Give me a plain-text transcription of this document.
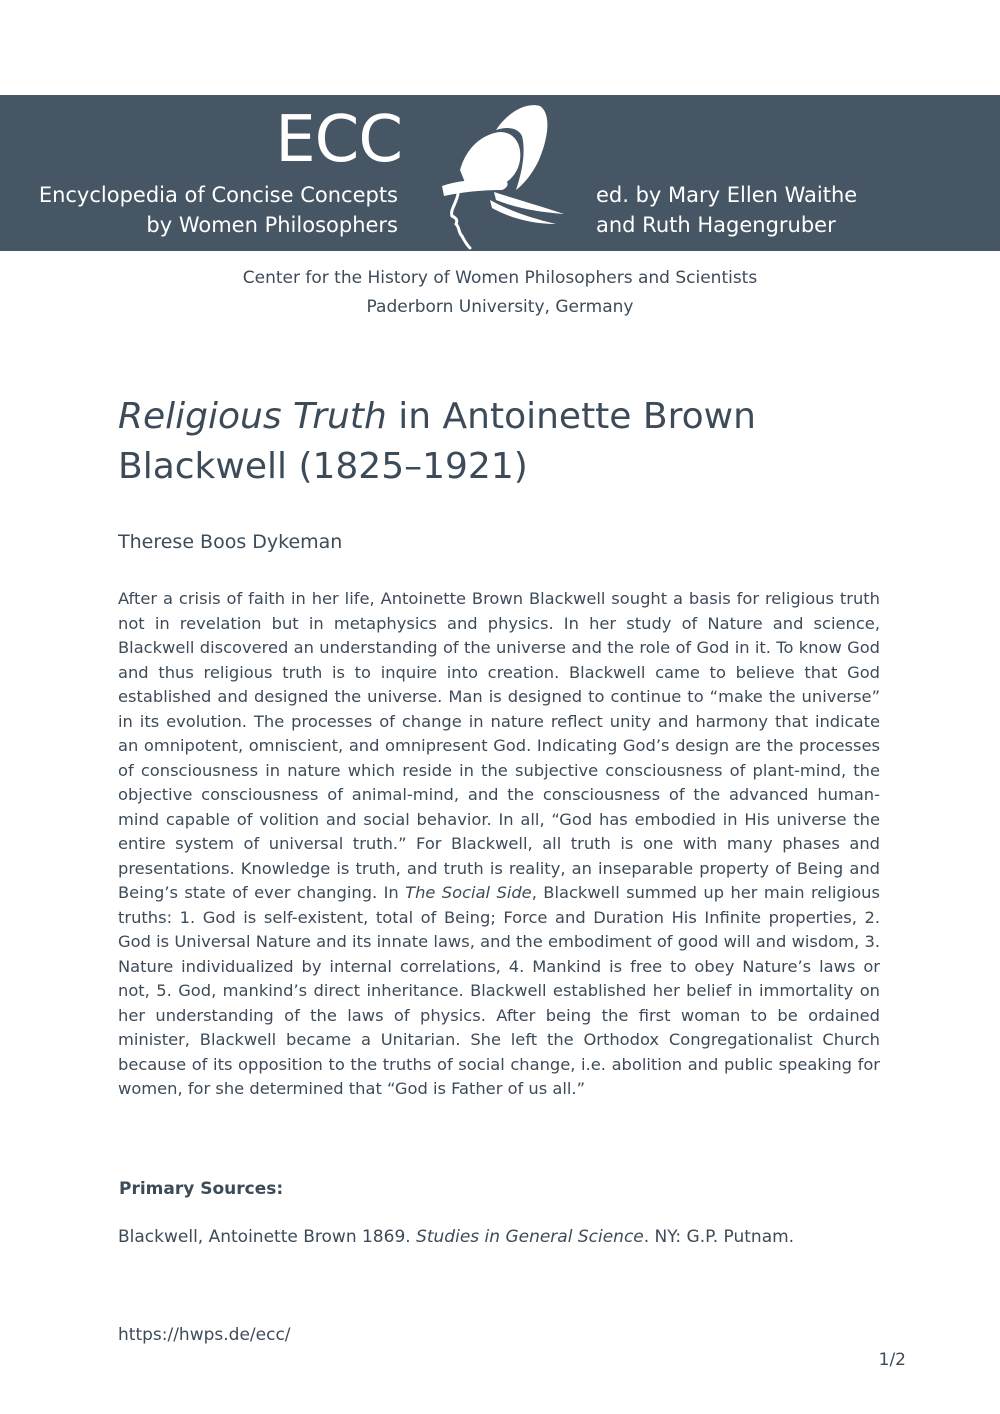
ECC
Encyclopedia of Concise Concepts
by Women Philosophers
ed. by Mary Ellen Waithe
and Ruth Hagengruber
Center for the History of Women Philosophers and Scientists
Paderborn University, Germany
Religious Truth in Antoinette Brown Blackwell (1825–1921)
Therese Boos Dykeman

After a crisis of faith in her life, Antoinette Brown Blackwell sought a basis for religious truth not in revelation but in metaphysics and physics. In her study of Nature and science, Blackwell discovered an understanding of the universe and the role of God in it. To know God and thus religious truth is to inquire into creation. Blackwell came to believe that God established and designed the universe. Man is designed to continue to “make the universe” in its evolution. The processes of change in nature reflect unity and harmony that indicate an omnipotent, omniscient, and omnipresent God. Indicating God’s design are the processes of consciousness in nature which reside in the subjective consciousness of plant-mind, the objective consciousness of animal-mind, and the consciousness of the advanced human-mind capable of volition and social behavior. In all, “God has embodied in His universe the entire system of universal truth.” For Blackwell, all truth is one with many phases and presentations. Knowledge is truth, and truth is reality, an inseparable property of Being and Being’s state of ever changing. In The Social Side, Blackwell summed up her main religious truths: 1. God is self-existent, total of Being; Force and Duration His Infinite properties, 2. God is Universal Nature and its innate laws, and the embodiment of good will and wisdom, 3. Nature individualized by internal correlations, 4. Mankind is free to obey Nature’s laws or not, 5. God, mankind’s direct inheritance. Blackwell established her belief in immortality on her understanding of the laws of physics. After being the first woman to be ordained minister, Blackwell became a Unitarian. She left the Orthodox Congregationalist Church because of its opposition to the truths of social change, i.e. abolition and public speaking for women, for she determined that “God is Father of us all.”

Primary Sources:
Blackwell, Antoinette Brown 1869. Studies in General Science. NY: G.P. Putnam.
https://hwps.de/ecc/
1/2
